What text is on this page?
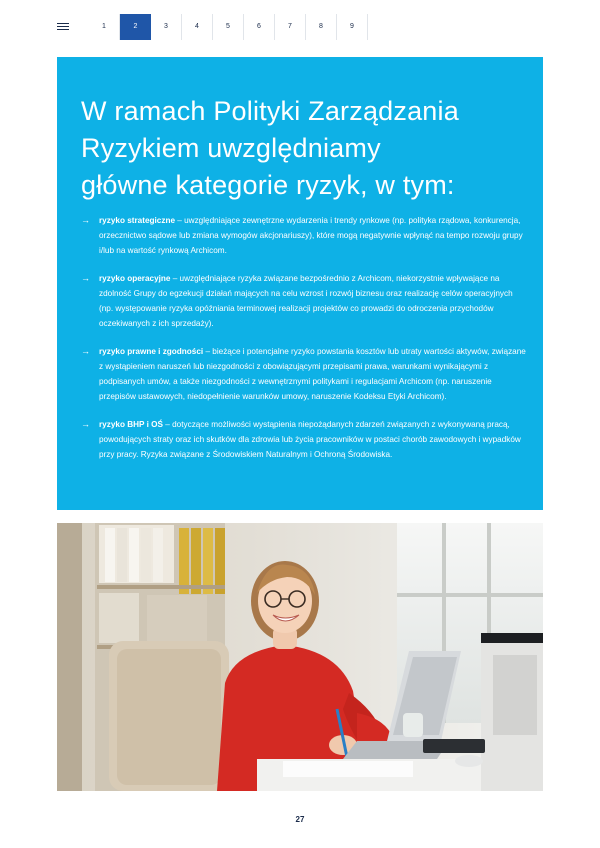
1	2	3	4	5	6	7	8	9
W ramach Polityki Zarządzania
Ryzykiem uwzględniamy
główne kategorie ryzyk, w tym:
→ ryzyko strategiczne – uwzględniające zewnętrzne wydarzenia i trendy rynkowe (np. polityka rządowa, konkurencja, orzecznictwo sądowe lub zmiana wymogów akcjonariuszy), które mogą negatywnie wpłynąć na tempo rozwoju grupy i/lub na wartość rynkową Archicom.
→ ryzyko operacyjne – uwzględniające ryzyka związane bezpośrednio z Archicom, niekorzystnie wpływające na zdolność Grupy do egzekucji działań mających na celu wzrost i rozwój biznesu oraz realizację celów operacyjnych (np. występowanie ryzyka opóźniania terminowej realizacji projektów co prowadzi do odroczenia przychodów oczekiwanych z ich sprzedaży).
→ ryzyko prawne i zgodności – bieżące i potencjalne ryzyko powstania kosztów lub utraty wartości aktywów, związane z wystąpieniem naruszeń lub niezgodności z obowiązującymi przepisami prawa, warunkami wynikającymi z podpisanych umów, a także niezgodności z wewnętrznymi politykami i regulacjami Archicom (np. naruszenie przepisów ustawowych, niedopełnienie warunków umowy, naruszenie Kodeksu Etyki Archicom).
→ ryzyko BHP i OŚ – dotyczące możliwości wystąpienia niepożądanych zdarzeń związanych z wykonywaną pracą, powodujących straty oraz ich skutków dla zdrowia lub życia pracowników w postaci chorób zawodowych i wypadków przy pracy. Ryzyka związane z Środowiskiem Naturalnym i Ochroną Środowiska.
27
